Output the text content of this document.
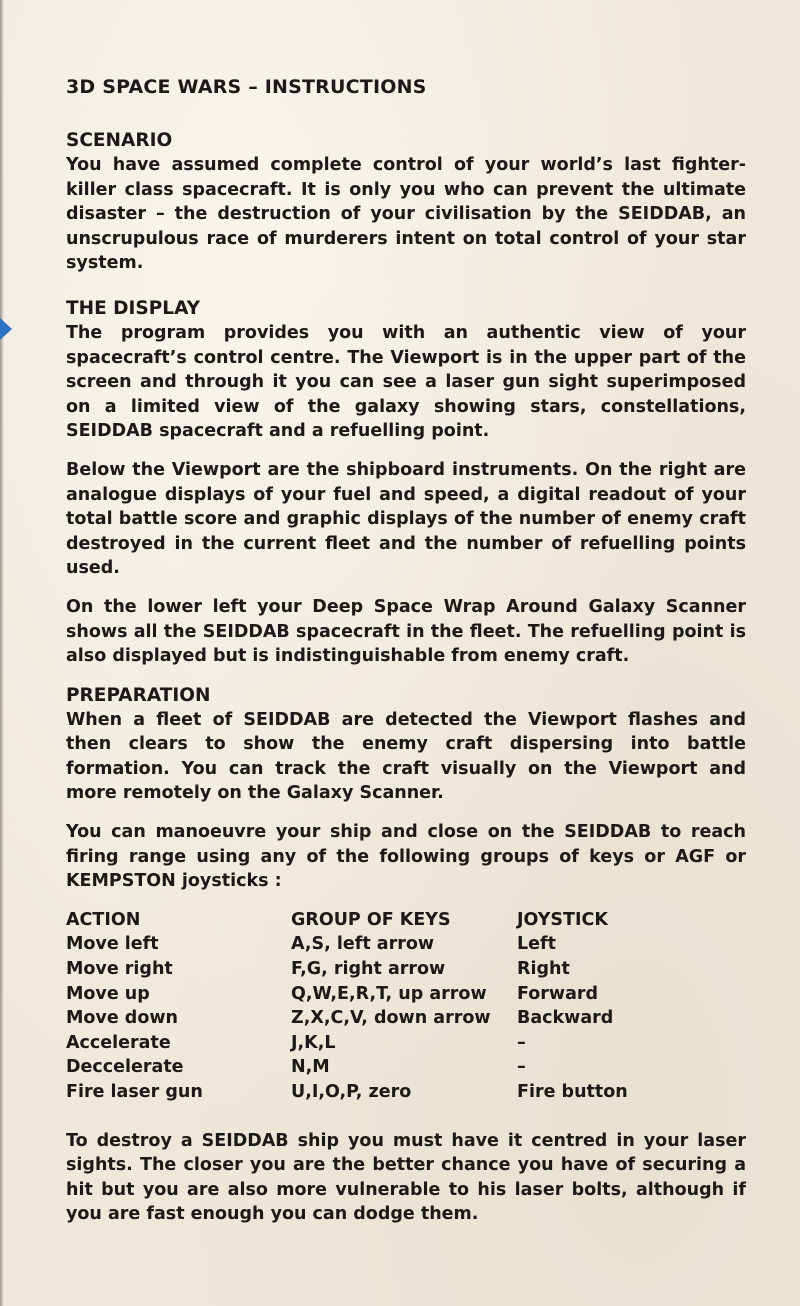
3D SPACE WARS – INSTRUCTIONS
SCENARIO

You have assumed complete control of your world’s last fighter-killer class spacecraft. It is only you who can prevent the ultimate disaster – the destruction of your civilisation by the SEIDDAB, an unscrupulous race of murderers intent on total control of your star system.

THE DISPLAY

The program provides you with an authentic view of your spacecraft’s control centre. The Viewport is in the upper part of the screen and through it you can see a laser gun sight superimposed on a limited view of the galaxy showing stars, constellations, SEIDDAB spacecraft and a refuelling point.

Below the Viewport are the shipboard instruments. On the right are analogue displays of your fuel and speed, a digital readout of your total battle score and graphic displays of the number of enemy craft destroyed in the current fleet and the number of refuelling points used.

On the lower left your Deep Space Wrap Around Galaxy Scanner shows all the SEIDDAB spacecraft in the fleet. The refuelling point is also displayed but is indistinguishable from enemy craft.

PREPARATION

When a fleet of SEIDDAB are detected the Viewport flashes and then clears to show the enemy craft dispersing into battle formation. You can track the craft visually on the Viewport and more remotely on the Galaxy Scanner.

You can manoeuvre your ship and close on the SEIDDAB to reach firing range using any of the following groups of keys or AGF or KEMPSTON joysticks :

ACTION	GROUP OF KEYS	JOYSTICK
Move left	A,S, left arrow	Left
Move right	F,G, right arrow	Right
Move up	Q,W,E,R,T, up arrow	Forward
Move down	Z,X,C,V, down arrow	Backward
Accelerate	J,K,L	–
Deccelerate	N,M	–
Fire laser gun	U,I,O,P, zero	Fire button

To destroy a SEIDDAB ship you must have it centred in your laser sights. The closer you are the better chance you have of securing a hit but you are also more vulnerable to his laser bolts, although if you are fast enough you can dodge them.
